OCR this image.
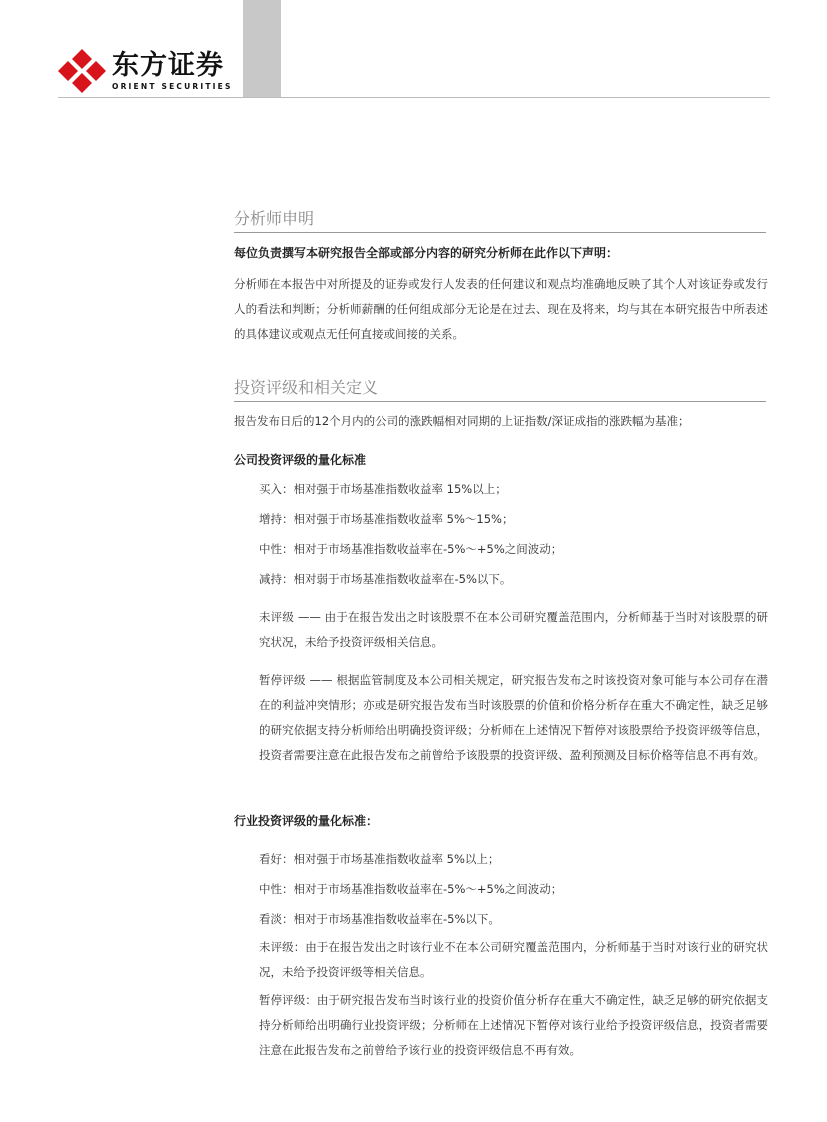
东方证券
ORIENT SECURITIES
分析师申明
每位负责撰写本研究报告全部或部分内容的研究分析师在此作以下声明：
分析师在本报告中对所提及的证券或发行人发表的任何建议和观点均准确地反映了其个人对该证券或发行人的看法和判断；分析师薪酬的任何组成部分无论是在过去、现在及将来，均与其在本研究报告中所表述的具体建议或观点无任何直接或间接的关系。
投资评级和相关定义
报告发布日后的12个月内的公司的涨跌幅相对同期的上证指数/深证成指的涨跌幅为基准；
公司投资评级的量化标准
买入：相对强于市场基准指数收益率 15%以上；
增持：相对强于市场基准指数收益率 5%～15%；
中性：相对于市场基准指数收益率在-5%～+5%之间波动；
减持：相对弱于市场基准指数收益率在-5%以下。
未评级 —— 由于在报告发出之时该股票不在本公司研究覆盖范围内，分析师基于当时对该股票的研究状况，未给予投资评级相关信息。
暂停评级 —— 根据监管制度及本公司相关规定，研究报告发布之时该投资对象可能与本公司存在潜在的利益冲突情形；亦或是研究报告发布当时该股票的价值和价格分析存在重大不确定性，缺乏足够的研究依据支持分析师给出明确投资评级；分析师在上述情况下暂停对该股票给予投资评级等信息，投资者需要注意在此报告发布之前曾给予该股票的投资评级、盈利预测及目标价格等信息不再有效。
行业投资评级的量化标准：
看好：相对强于市场基准指数收益率 5%以上；
中性：相对于市场基准指数收益率在-5%～+5%之间波动；
看淡：相对于市场基准指数收益率在-5%以下。
未评级：由于在报告发出之时该行业不在本公司研究覆盖范围内，分析师基于当时对该行业的研究状况，未给予投资评级等相关信息。
暂停评级：由于研究报告发布当时该行业的投资价值分析存在重大不确定性，缺乏足够的研究依据支持分析师给出明确行业投资评级；分析师在上述情况下暂停对该行业给予投资评级信息，投资者需要注意在此报告发布之前曾给予该行业的投资评级信息不再有效。
